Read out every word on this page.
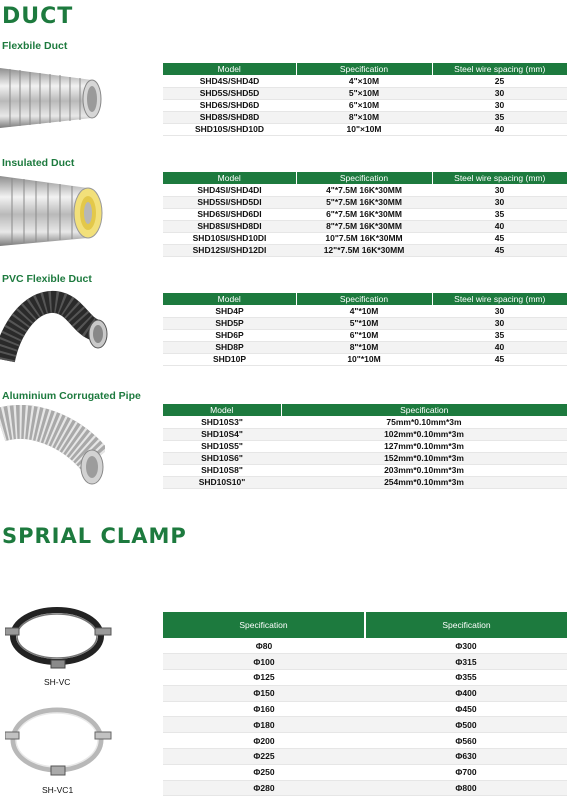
DUCT
Flexbile Duct
Model	Specification	Steel wire spacing (mm)
SHD4S/SHD4D	4"×10M	25
SHD5S/SHD5D	5"×10M	30
SHD6S/SHD6D	6"×10M	30
SHD8S/SHD8D	8"×10M	35
SHD10S/SHD10D	10"×10M	40
Insulated Duct
Model	Specification	Steel wire spacing (mm)
SHD4SI/SHD4DI	4"*7.5M 16K*30MM	30
SHD5SI/SHD5DI	5"*7.5M 16K*30MM	30
SHD6SI/SHD6DI	6"*7.5M 16K*30MM	35
SHD8SI/SHD8DI	8"*7.5M 16K*30MM	40
SHD10SI/SHD10DI	10"7.5M 16K*30MM	45
SHD12SI/SHD12DI	12"*7.5M 16K*30MM	45
PVC Flexible Duct
Model	Specification	Steel wire spacing (mm)
SHD4P	4"*10M	30
SHD5P	5"*10M	30
SHD6P	6"*10M	35
SHD8P	8"*10M	40
SHD10P	10"*10M	45
Aluminium Corrugated Pipe
Model	Specification
SHD10S3"	75mm*0.10mm*3m
SHD10S4"	102mm*0.10mm*3m
SHD10S5"	127mm*0.10mm*3m
SHD10S6"	152mm*0.10mm*3m
SHD10S8"	203mm*0.10mm*3m
SHD10S10"	254mm*0.10mm*3m
SPRIAL CLAMP
SH-VC
SH-VC1
Specification	Specification
Φ80	Φ300
Φ100	Φ315
Φ125	Φ355
Φ150	Φ400
Φ160	Φ450
Φ180	Φ500
Φ200	Φ560
Φ225	Φ630
Φ250	Φ700
Φ280	Φ800
